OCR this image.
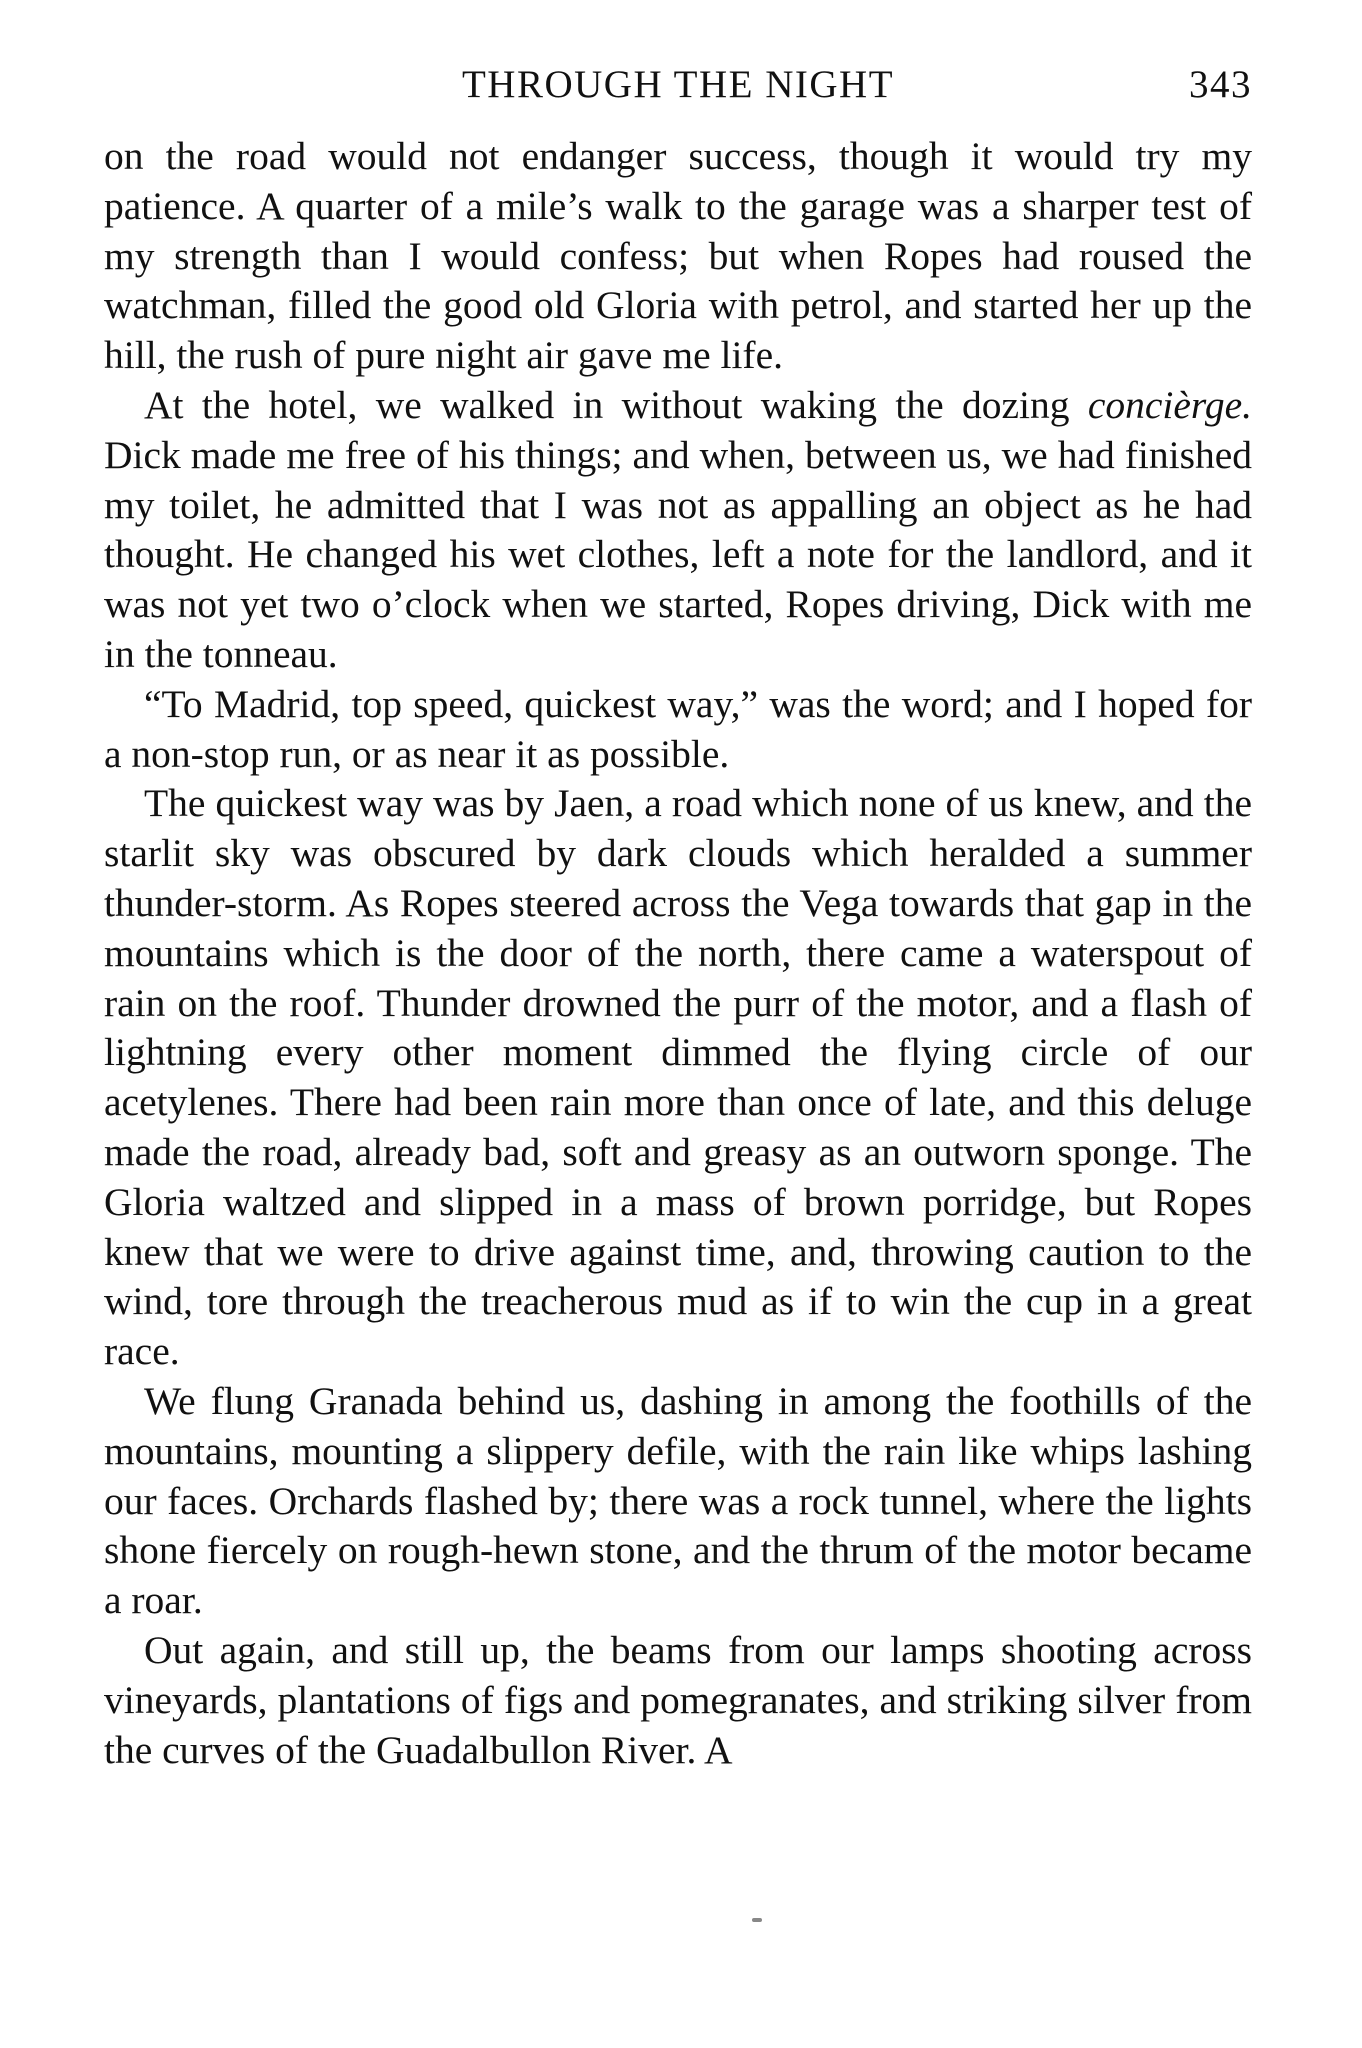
THROUGH THE NIGHT	343

on the road would not endanger success, though it would try my patience. A quarter of a mile’s walk to the garage was a sharper test of my strength than I would confess; but when Ropes had roused the watchman, filled the good old Gloria with petrol, and started her up the hill, the rush of pure night air gave me life.

At the hotel, we walked in without waking the dozing concièrge. Dick made me free of his things; and when, between us, we had finished my toilet, he admitted that I was not as appalling an object as he had thought. He changed his wet clothes, left a note for the landlord, and it was not yet two o’clock when we started, Ropes driving, Dick with me in the tonneau.

“To Madrid, top speed, quickest way,” was the word; and I hoped for a non-stop run, or as near it as possible.

The quickest way was by Jaen, a road which none of us knew, and the starlit sky was obscured by dark clouds which heralded a summer thunder-storm. As Ropes steered across the Vega towards that gap in the mountains which is the door of the north, there came a waterspout of rain on the roof. Thunder drowned the purr of the motor, and a flash of lightning every other moment dimmed the flying circle of our acetylenes. There had been rain more than once of late, and this deluge made the road, already bad, soft and greasy as an outworn sponge. The Gloria waltzed and slipped in a mass of brown porridge, but Ropes knew that we were to drive against time, and, throwing caution to the wind, tore through the treacherous mud as if to win the cup in a great race.

We flung Granada behind us, dashing in among the foothills of the mountains, mounting a slippery defile, with the rain like whips lashing our faces. Orchards flashed by; there was a rock tunnel, where the lights shone fiercely on rough-hewn stone, and the thrum of the motor became a roar.

Out again, and still up, the beams from our lamps shooting across vineyards, plantations of figs and pomegranates, and striking silver from the curves of the Guadalbullon River. A
